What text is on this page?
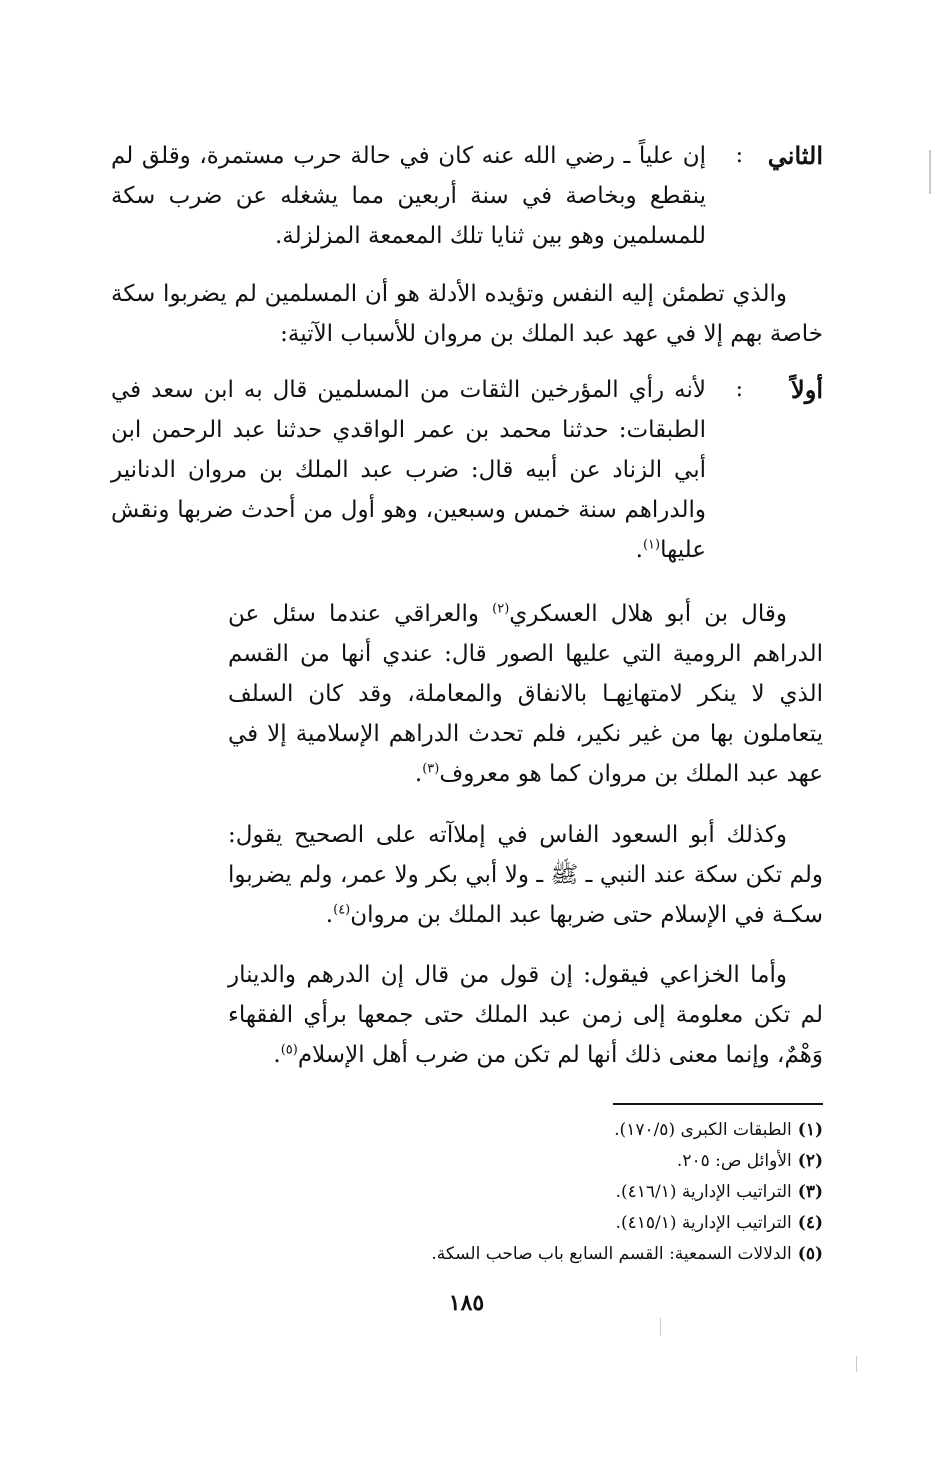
الثاني
:
إن علياً ـ رضي الله عنه كان في حالة حرب مستمرة، وقلق لم ينقطع وبخاصة في سنة أربعين مما يشغله عن ضرب سكة للمسلمين وهو بين ثنايا تلك المعمعة المزلزلة.

والذي تطمئن إليه النفس وتؤيده الأدلة هو أن المسلمين لم يضربوا سكة خاصة بهم إلا في عهد عبد الملك بن مروان للأسباب الآتية:

أولاً
:
لأنه رأي المؤرخين الثقات من المسلمين قال به ابن سعد في الطبقات: حدثنا محمد بن عمر الواقدي حدثنا عبد الرحمن ابن أبي الزناد عن أبيه قال: ضرب عبد الملك بن مروان الدنانير والدراهم سنة خمس وسبعين، وهو أول من أحدث ضربها ونقش عليها$^{(١)}$.

وقال بن أبو هلال العسكري$^{(٢)}$ والعراقي عندما سئل عن الدراهم الرومية التي عليها الصور قال: عندي أنها من القسم الذي لا ينكر لامتهانِهـا بالانفاق والمعاملة، وقد كان السلف يتعاملون بها من غير نكير، فلم تحدث الدراهم الإسلامية إلا في عهد عبد الملك بن مروان كما هو معروف$^{(٣)}$.

وكذلك أبو السعود الفاس في إملاآته على الصحيح يقول: ولم تكن سكة عند النبي ـ ﷺ ـ ولا أبي بكر ولا عمر، ولم يضربوا سكـة في الإسلام حتى ضربها عبد الملك بن مروان$^{(٤)}$.

وأما الخزاعي فيقول: إن قول من قال إن الدرهم والدينار لم تكن معلومة إلى زمن عبد الملك حتى جمعها برأي الفقهاء وَهْمٌ، وإنما معنى ذلك أنها لم تكن من ضرب أهل الإسلام$^{(٥)}$.

(١)الطبقات الكبرى (١٧٠/٥).
(٢)الأوائل ص: ٢٠٥.
(٣)التراتيب الإدارية (٤١٦/١).
(٤)التراتيب الإدارية (٤١٥/١).
(٥)الدلالات السمعية: القسم السابع باب صاحب السكة.
١٨٥
